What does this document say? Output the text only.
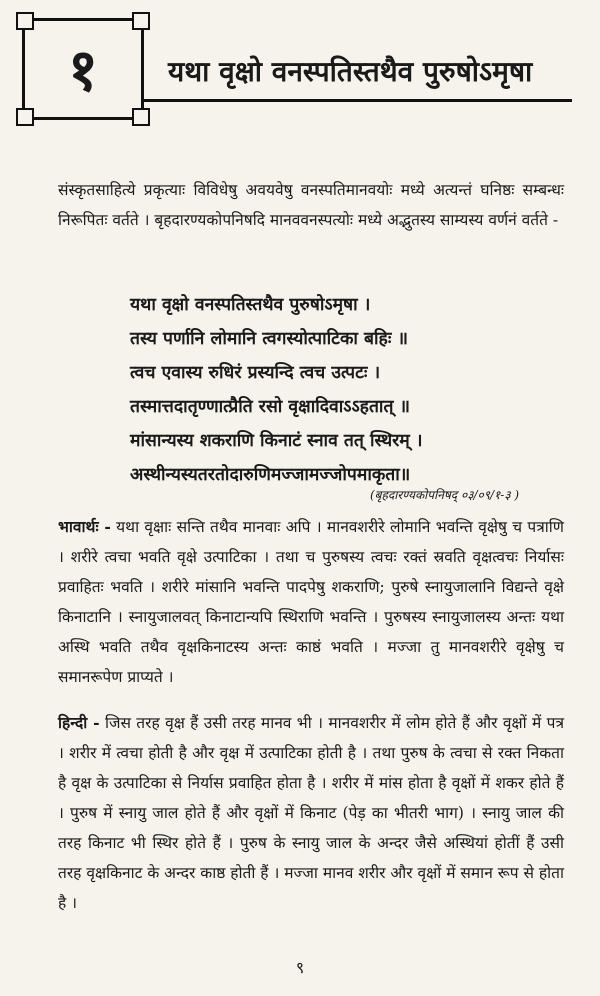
१	यथा वृक्षो वनस्पतिस्तथैव पुरुषोऽमृषा
संस्कृतसाहित्ये प्रकृत्याः विविधेषु अवयवेषु वनस्पतिमानवयोः मध्ये अत्यन्तं घनिष्ठः सम्बन्धः निरूपितः वर्तते । बृहदारण्यकोपनिषदि मानववनस्पत्योः मध्ये अद्भुतस्य साम्यस्य वर्णनं वर्तते -
यथा वृक्षो वनस्पतिस्तथैव पुरुषोऽमृषा ।
तस्य पर्णानि लोमानि त्वगस्योत्पाटिका बहिः ॥
त्वच एवास्य रुधिरं प्रस्यन्दि त्वच उत्पटः ।
तस्मात्तदातृण्णात्प्रैति रसो वृक्षादिवाऽऽहतात् ॥
मांसान्यस्य शकराणि किनाटं स्नाव तत् स्थिरम् ।
अस्थीन्यस्यतरतोदारुणिमज्जामज्जोपमाकृता॥
(बृहदारण्यकोपनिषद् ०३/०९/१-३ )
भावार्थः - यथा वृक्षाः सन्ति तथैव मानवाः अपि । मानवशरीरे लोमानि भवन्ति वृक्षेषु च पत्राणि । शरीरे त्वचा भवति वृक्षे उत्पाटिका । तथा च पुरुषस्य त्वचः रक्तं स्रवति वृक्षत्वचः निर्यासः प्रवाहितः भवति । शरीरे मांसानि भवन्ति पादपेषु शकराणि; पुरुषे स्नायुजालानि विद्यन्ते वृक्षे किनाटानि । स्नायुजालवत् किनाटान्यपि स्थिराणि भवन्ति । पुरुषस्य स्नायुजालस्य अन्तः यथा अस्थि भवति तथैव वृक्षकिनाटस्य अन्तः काष्ठं भवति । मज्जा तु मानवशरीरे वृक्षेषु च समानरूपेण प्राप्यते ।
हिन्दी - जिस तरह वृक्ष हैं उसी तरह मानव भी । मानवशरीर में लोम होते हैं और वृक्षों में पत्र । शरीर में त्वचा होती है और वृक्ष में उत्पाटिका होती है । तथा पुरुष के त्वचा से रक्त निकता है वृक्ष के उत्पाटिका से निर्यास प्रवाहित होता है । शरीर में मांस होता है वृक्षों में शकर होते हैं । पुरुष में स्नायु जाल होते हैं और वृक्षों में किनाट (पेड़ का भीतरी भाग) । स्नायु जाल की तरह किनाट भी स्थिर होते हैं । पुरुष के स्नायु जाल के अन्दर जैसे अस्थियां होतीं हैं उसी तरह वृक्षकिनाट के अन्दर काष्ठ होती हैं । मज्जा मानव शरीर और वृक्षों में समान रूप से होता है ।
९
